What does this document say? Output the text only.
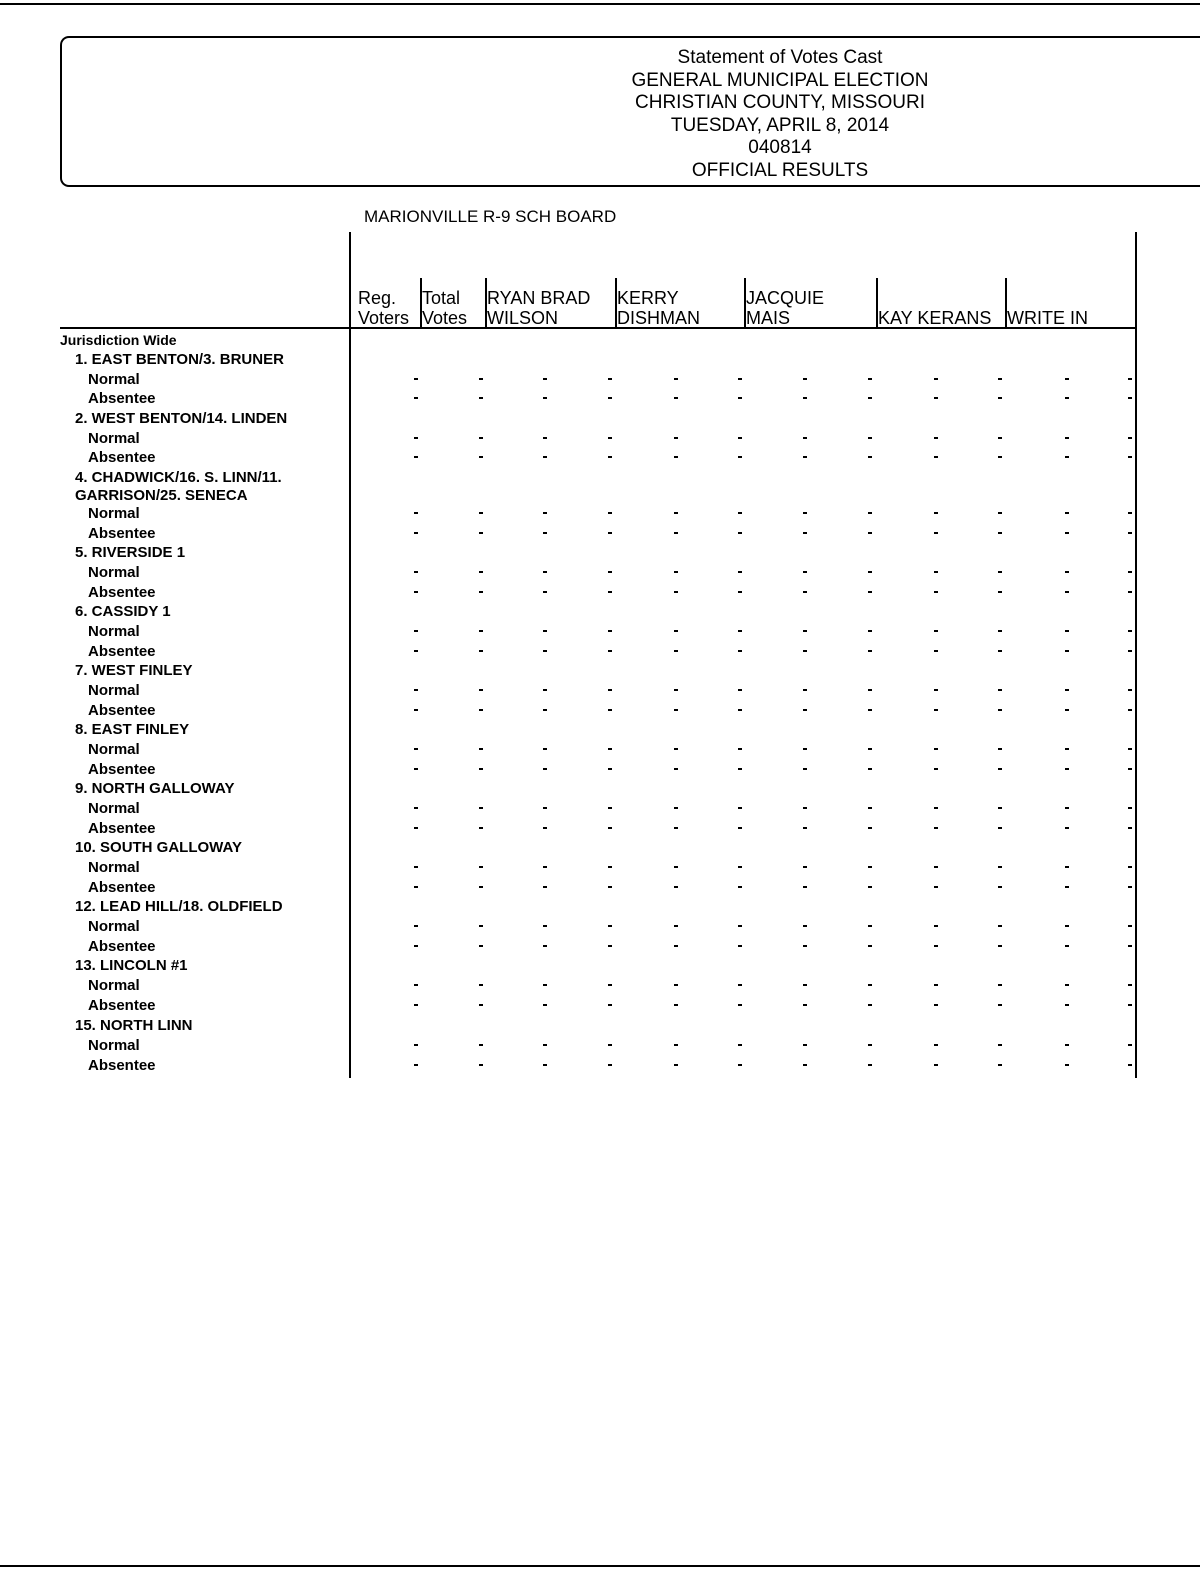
Statement of Votes Cast
GENERAL MUNICIPAL ELECTION
CHRISTIAN COUNTY, MISSOURI
TUESDAY, APRIL 8, 2014
040814
OFFICIAL RESULTS
MARIONVILLE R-9 SCH BOARD
Reg.
Voters
Total
Votes
RYAN BRAD
WILSON
KERRY
DISHMAN
JACQUIE
MAIS	KAY KERANS WRITE IN
Jurisdiction Wide
1. EAST BENTON/3. BRUNER
Normal
Absentee
2. WEST BENTON/14. LINDEN
Normal
Absentee
4. CHADWICK/16. S. LINN/11.
GARRISON/25. SENECA
Normal
Absentee
5. RIVERSIDE 1
Normal
Absentee
6. CASSIDY 1
Normal
Absentee
7. WEST FINLEY
Normal
Absentee
8. EAST FINLEY
Normal
Absentee
9. NORTH GALLOWAY
Normal
Absentee
10. SOUTH GALLOWAY
Normal
Absentee
12. LEAD HILL/18. OLDFIELD
Normal
Absentee
13. LINCOLN #1
Normal
Absentee
15. NORTH LINN
Normal
Absentee
